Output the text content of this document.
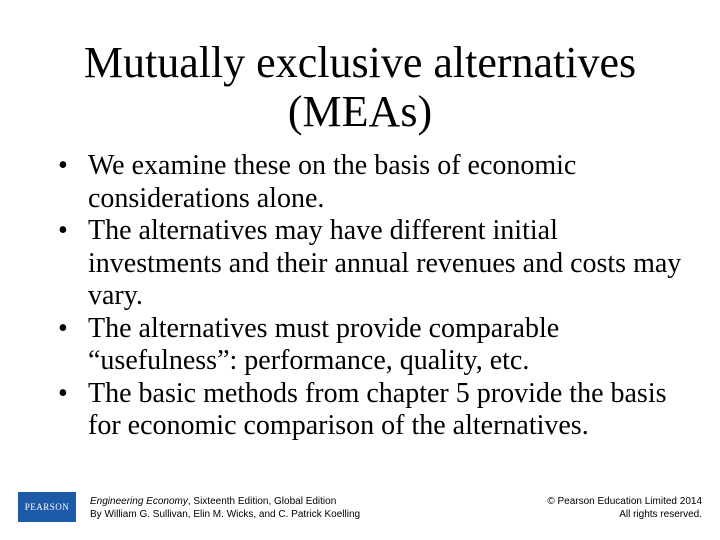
Mutually exclusive alternatives
(MEAs)
• We examine these on the basis of economic considerations alone.
• The alternatives may have different initial investments and their annual revenues and costs may vary.
• The alternatives must provide comparable “usefulness”: performance, quality, etc.
• The basic methods from chapter 5 provide the basis for economic comparison of the alternatives.
PEARSON Engineering Economy, Sixteenth Edition, Global Edition
By William G. Sullivan, Elin M. Wicks, and C. Patrick Koelling
© Pearson Education Limited 2014
All rights reserved.
